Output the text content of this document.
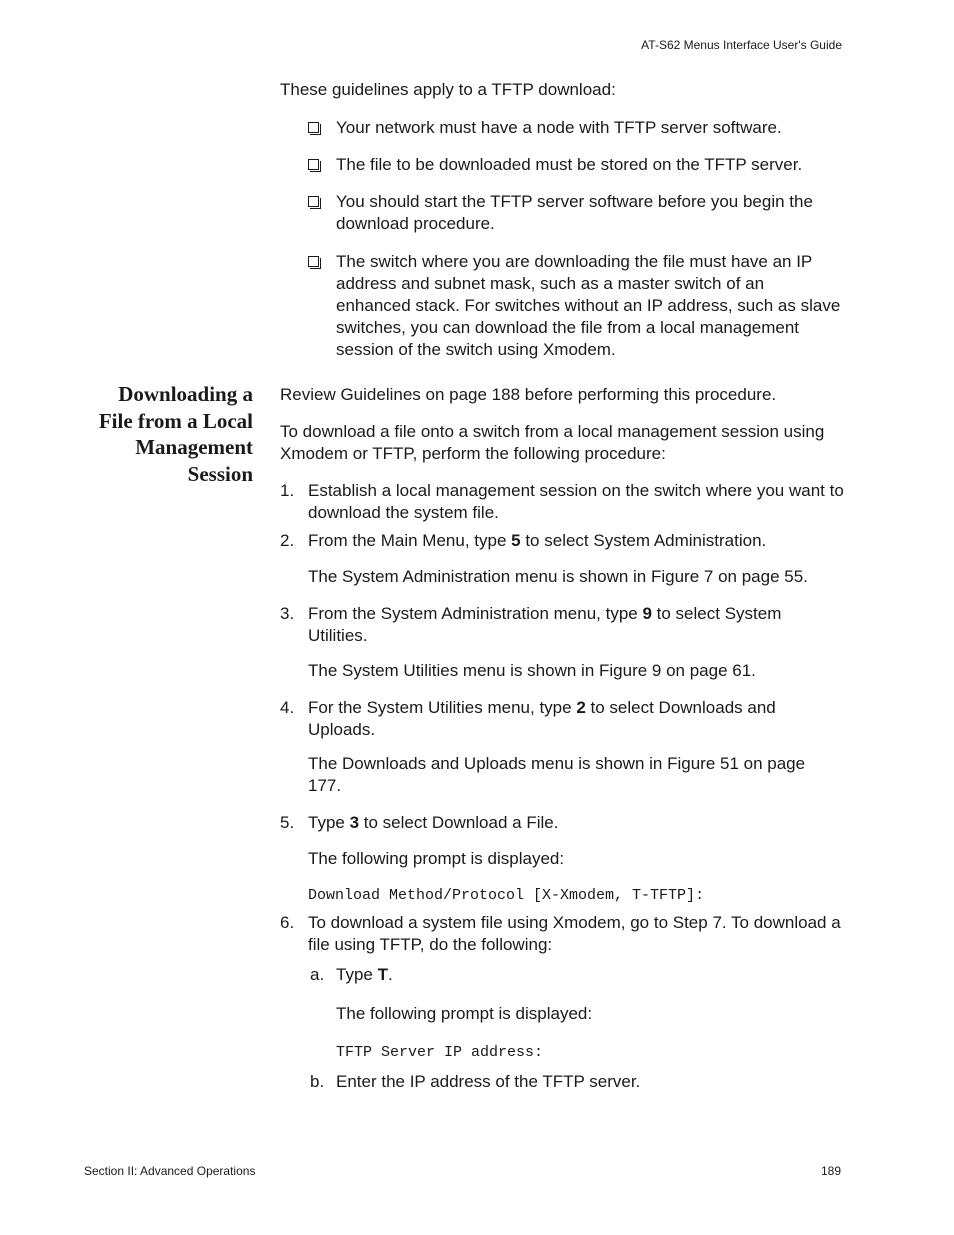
AT-S62 Menus Interface User's Guide
Section II: Advanced Operations	189
These guidelines apply to a TFTP download:
Your network must have a node with TFTP server software.
The file to be downloaded must be stored on the TFTP server.
You should start the TFTP server software before you begin the download procedure.
The switch where you are downloading the file must have an IP address and subnet mask, such as a master switch of an enhanced stack. For switches without an IP address, such as slave switches, you can download the file from a local management session of the switch using Xmodem.
Downloading a
File from a Local
Management
Session
Review Guidelines on page 188 before performing this procedure.
To download a file onto a switch from a local management session using Xmodem or TFTP, perform the following procedure:
1. Establish a local management session on the switch where you want to download the system file.
2. From the Main Menu, type 5 to select System Administration.
The System Administration menu is shown in Figure 7 on page 55.
3. From the System Administration menu, type 9 to select System Utilities.
The System Utilities menu is shown in Figure 9 on page 61.
4. For the System Utilities menu, type 2 to select Downloads and Uploads.
The Downloads and Uploads menu is shown in Figure 51 on page 177.
5. Type 3 to select Download a File.
The following prompt is displayed:
Download Method/Protocol [X-Xmodem, T-TFTP]:
6. To download a system file using Xmodem, go to Step 7. To download a file using TFTP, do the following:
a. Type T.
The following prompt is displayed:
TFTP Server IP address:
b. Enter the IP address of the TFTP server.
